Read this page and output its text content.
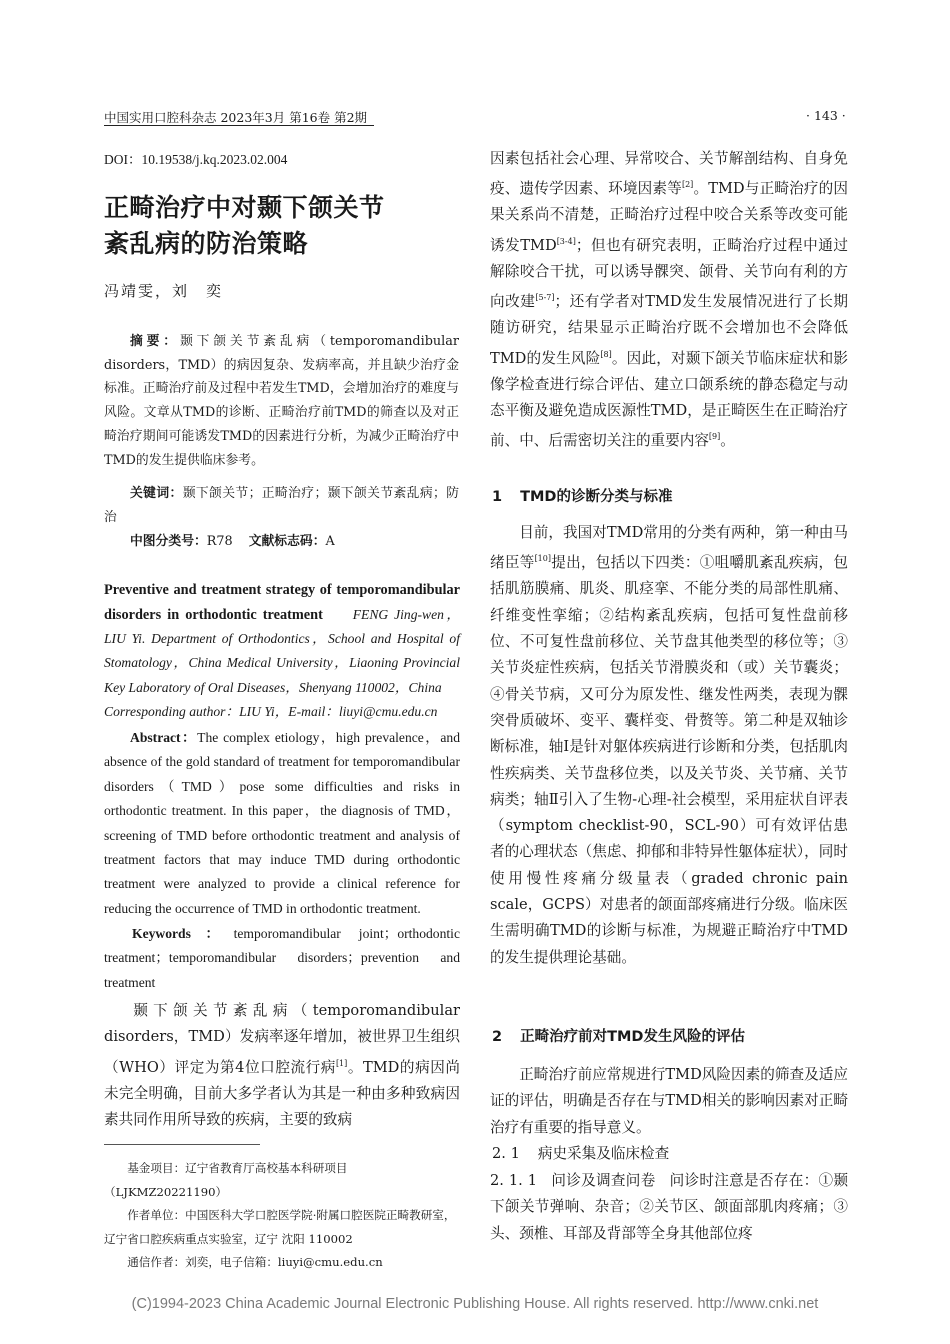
中国实用口腔科杂志 2023年3月 第16卷 第2期	· 143 ·
DOI：10.19538/j.kq.2023.02.004
正畸治疗中对颞下颌关节
紊乱病的防治策略
冯靖雯，刘　奕
摘要：颞下颌关节紊乱病（temporomandibular disorders，TMD）的病因复杂、发病率高，并且缺少治疗金标准。正畸治疗前及过程中若发生TMD，会增加治疗的难度与风险。文章从TMD的诊断、正畸治疗前TMD的筛查以及对正畸治疗期间可能诱发TMD的因素进行分析，为减少正畸治疗中TMD的发生提供临床参考。
关键词：颞下颌关节；正畸治疗；颞下颌关节紊乱病；防治
中图分类号：R78 文献标志码：A
Preventive and treatment strategy of temporomandibular disorders in orthodontic treatment FENG Jing-wen，LIU Yi. Department of Orthodontics，School and Hospital of Stomatology，China Medical University，Liaoning Provincial Key Laboratory of Oral Diseases，Shenyang 110002，China
Corresponding author：LIU Yi，E-mail：liuyi@cmu.edu.cn
Abstract：The complex etiology，high prevalence，and absence of the gold standard of treatment for temporomandibular disorders（TMD）pose some difficulties and risks in orthodontic treatment. In this paper，the diagnosis of TMD，screening of TMD before orthodontic treatment and analysis of treatment factors that may induce TMD during orthodontic treatment were analyzed to provide a clinical reference for reducing the occurrence of TMD in orthodontic treatment.
Keywords：temporomandibular joint；orthodontic treatment；temporomandibular disorders；prevention and treatment
颞下颌关节紊乱病（temporomandibular disorders，TMD）发病率逐年增加，被世界卫生组织（WHO）评定为第4位口腔流行病[1]。TMD的病因尚未完全明确，目前大多学者认为其是一种由多种致病因素共同作用所导致的疾病，主要的致病
基金项目：辽宁省教育厅高校基本科研项目（LJKMZ20221190）
作者单位：中国医科大学口腔医学院·附属口腔医院正畸教研室，辽宁省口腔疾病重点实验室，辽宁 沈阳 110002
通信作者：刘奕，电子信箱：liuyi@cmu.edu.cn
因素包括社会心理、异常咬合、关节解剖结构、自身免疫、遗传学因素、环境因素等[2]。TMD与正畸治疗的因果关系尚不清楚，正畸治疗过程中咬合关系等改变可能诱发TMD[3-4]；但也有研究表明，正畸治疗过程中通过解除咬合干扰，可以诱导髁突、颌骨、关节向有利的方向改建[5-7]；还有学者对TMD发生发展情况进行了长期随访研究，结果显示正畸治疗既不会增加也不会降低TMD的发生风险[8]。因此，对颞下颌关节临床症状和影像学检查进行综合评估、建立口颌系统的静态稳定与动态平衡及避免造成医源性TMD，是正畸医生在正畸治疗前、中、后需密切关注的重要内容[9]。
1 TMD的诊断分类与标准
目前，我国对TMD常用的分类有两种，第一种由马绪臣等[10]提出，包括以下四类：①咀嚼肌紊乱疾病，包括肌筋膜痛、肌炎、肌痉挛、不能分类的局部性肌痛、纤维变性挛缩；②结构紊乱疾病，包括可复性盘前移位、不可复性盘前移位、关节盘其他类型的移位等；③关节炎症性疾病，包括关节滑膜炎和（或）关节囊炎；④骨关节病，又可分为原发性、继发性两类，表现为髁突骨质破坏、变平、囊样变、骨赘等。第二种是双轴诊断标准，轴Ⅰ是针对躯体疾病进行诊断和分类，包括肌肉性疾病类、关节盘移位类，以及关节炎、关节痛、关节病类；轴Ⅱ引入了生物-心理-社会模型，采用症状自评表（symptom checklist-90，SCL-90）可有效评估患者的心理状态（焦虑、抑郁和非特异性躯体症状），同时使用慢性疼痛分级量表（graded chronic pain scale，GCPS）对患者的颌面部疼痛进行分级。临床医生需明确TMD的诊断与标准，为规避正畸治疗中TMD的发生提供理论基础。
2 正畸治疗前对TMD发生风险的评估
正畸治疗前应常规进行TMD风险因素的筛查及适应证的评估，明确是否存在与TMD相关的影响因素对正畸治疗有重要的指导意义。
2. 1 病史采集及临床检查
2. 1. 1 问诊及调查问卷 问诊时注意是否存在：①颞下颌关节弹响、杂音；②关节区、颌面部肌肉疼痛；③头、颈椎、耳部及背部等全身其他部位疼
(C)1994-2023 China Academic Journal Electronic Publishing House. All rights reserved. http://www.cnki.net
